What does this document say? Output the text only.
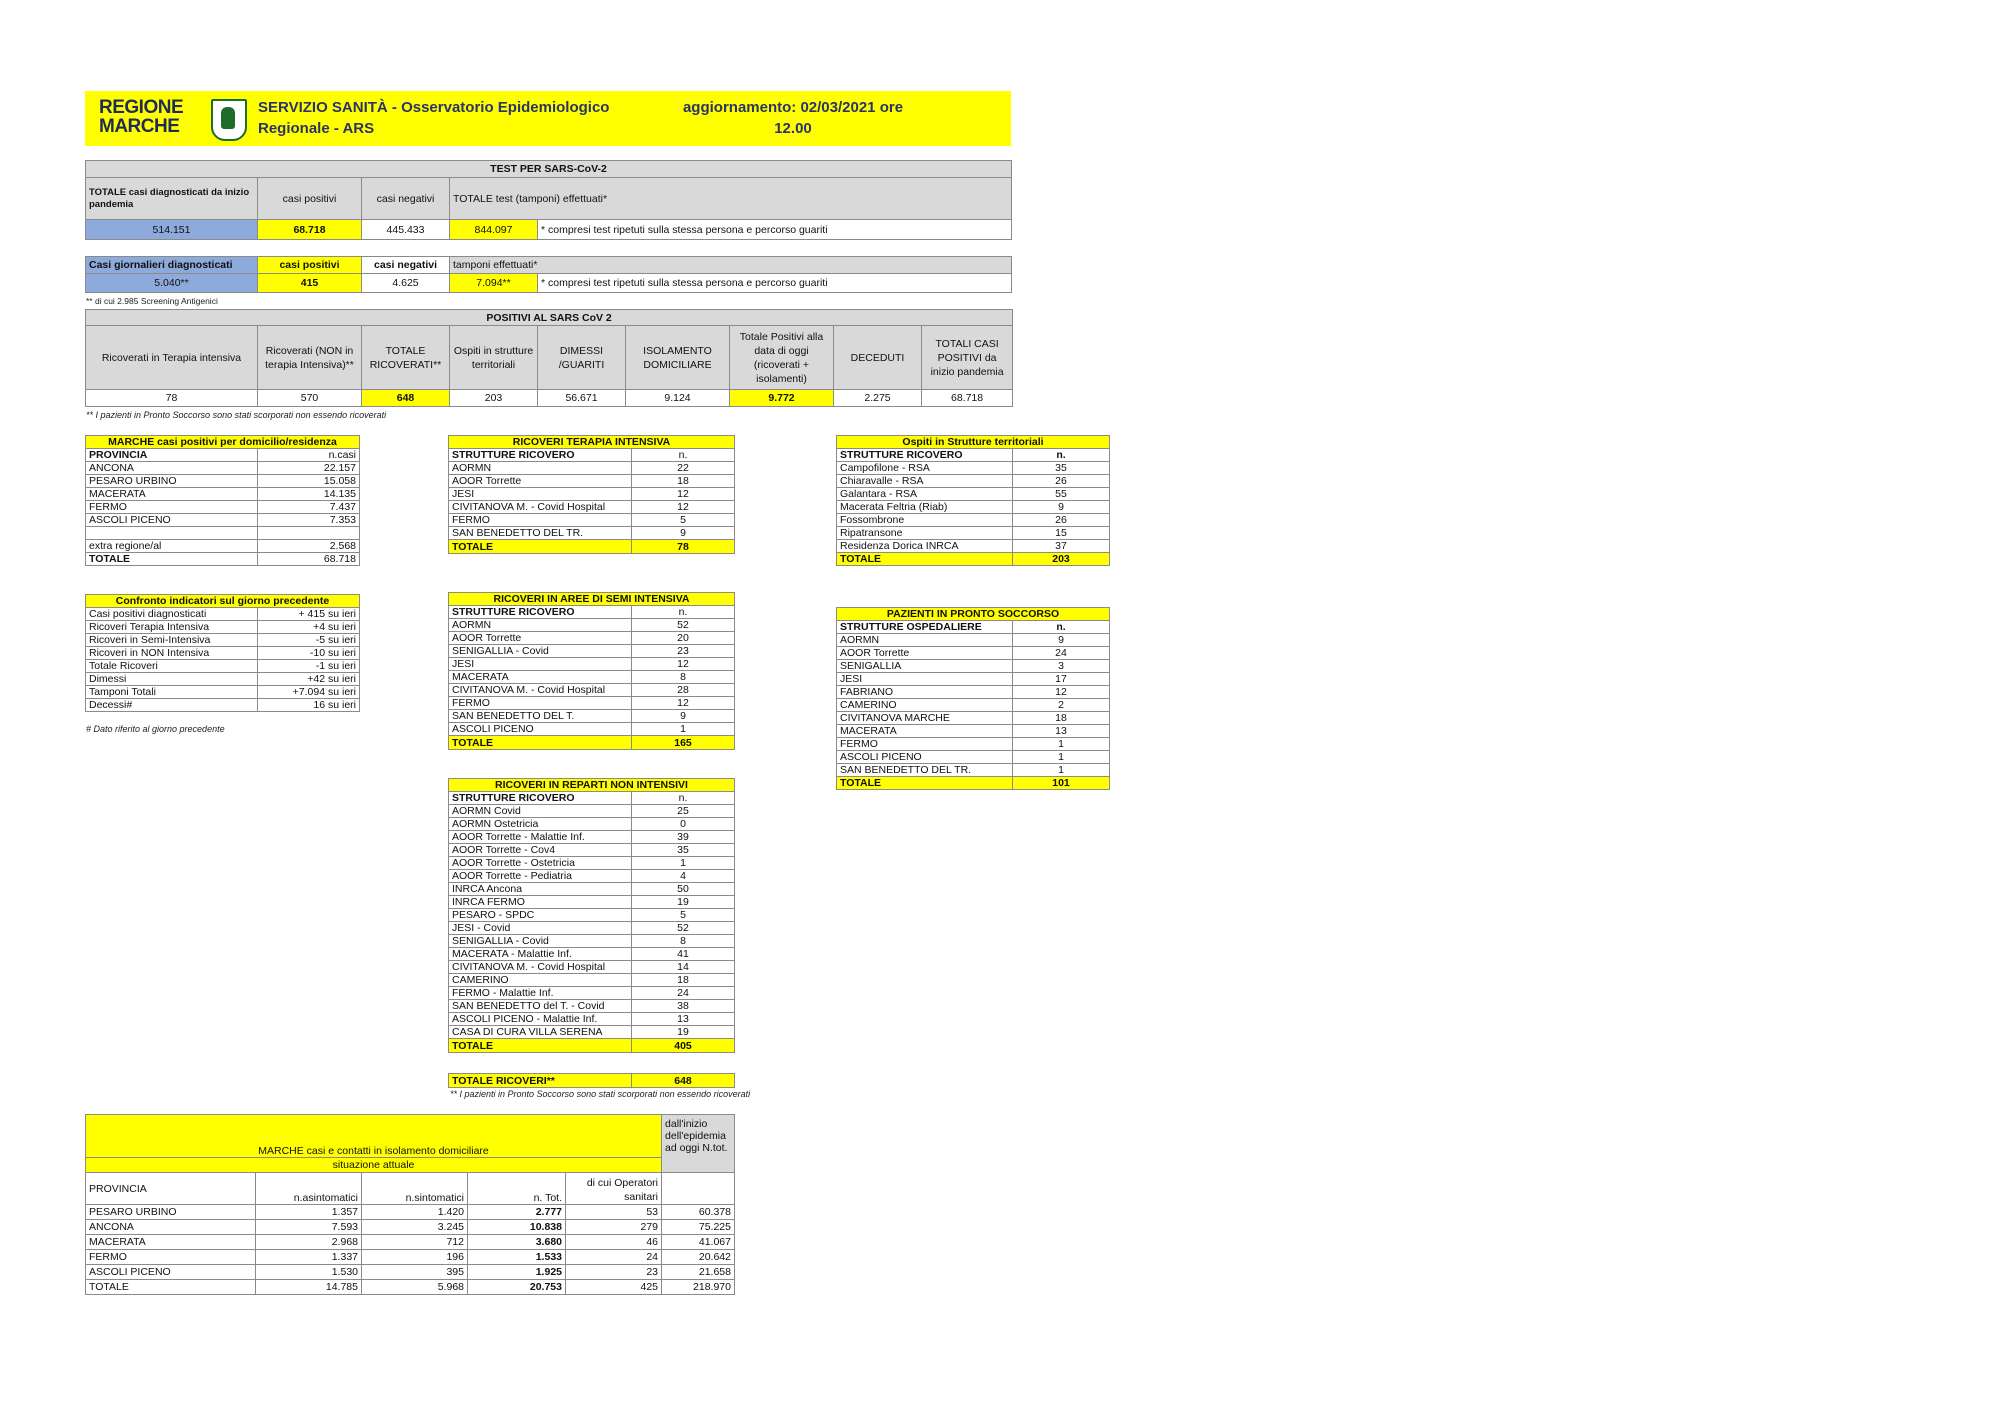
REGIONE
MARCHE
SERVIZIO SANITÀ - Osservatorio Epidemiologico
Regionale - ARS
aggiornamento: 02/03/2021 ore
12.00
TEST PER SARS-CoV-2				
TOTALE casi diagnosticati da inizio pandemia	casi positivi	casi negativi	TOTALE test (tamponi) effettuati*	
514.151	68.718	445.433	844.097	* compresi test ripetuti sulla stessa persona e percorso guariti
Casi giornalieri diagnosticati	casi positivi	casi negativi	tamponi effettuati*	
5.040**	415	4.625	7.094**	* compresi test ripetuti sulla stessa persona e percorso guariti
** di cui 2.985 Screening Antigenici
POSITIVI AL SARS CoV 2								
Ricoverati in Terapia intensiva	Ricoverati (NON in terapia Intensiva)**	TOTALE RICOVERATI**	Ospiti in strutture territoriali	DIMESSI /GUARITI	ISOLAMENTO DOMICILIARE	Totale Positivi alla data di oggi (ricoverati + isolamenti)	DECEDUTI	TOTALI CASI POSITIVI da inizio pandemia
78	570	648	203	56.671	9.124	9.772	2.275	68.718
** I pazienti in Pronto Soccorso sono stati scorporati non essendo ricoverati
MARCHE casi positivi per domicilio/residenza	
PROVINCIA	n.casi
ANCONA	22.157
PESARO URBINO	15.058
MACERATA	14.135
FERMO	7.437
ASCOLI PICENO	7.353

extra regione/al	2.568
TOTALE	68.718
Confronto indicatori sul giorno precedente	
Casi positivi diagnosticati	+ 415 su ieri
Ricoveri Terapia Intensiva	+4 su ieri
Ricoveri in Semi-Intensiva	-5 su ieri
Ricoveri in NON Intensiva	-10 su ieri
Totale Ricoveri	-1 su ieri
Dimessi	+42 su ieri
Tamponi Totali	+7.094 su ieri
Decessi#	16 su ieri
# Dato riferito al giorno precedente
RICOVERI TERAPIA INTENSIVA	
STRUTTURE RICOVERO	n.
AORMN	22
AOOR Torrette	18
JESI	12
CIVITANOVA M. - Covid Hospital	12
FERMO	5
SAN BENEDETTO DEL TR.	9
TOTALE	78
RICOVERI IN AREE DI SEMI INTENSIVA	
STRUTTURE RICOVERO	n.
AORMN	52
AOOR Torrette	20
SENIGALLIA - Covid	23
JESI	12
MACERATA	8
CIVITANOVA M. - Covid Hospital	28
FERMO	12
SAN BENEDETTO DEL T.	9
ASCOLI PICENO	1
TOTALE	165
RICOVERI IN REPARTI NON INTENSIVI	
STRUTTURE RICOVERO	n.
AORMN Covid	25
AORMN Ostetricia	0
AOOR Torrette - Malattie Inf.	39
AOOR Torrette - Cov4	35
AOOR Torrette - Ostetricia	1
AOOR Torrette - Pediatria	4
INRCA Ancona	50
INRCA FERMO	19
PESARO - SPDC	5
JESI - Covid	52
SENIGALLIA - Covid	8
MACERATA - Malattie Inf.	41
CIVITANOVA M. - Covid Hospital	14
CAMERINO	18
FERMO - Malattie Inf.	24
SAN BENEDETTO del T. - Covid	38
ASCOLI PICENO - Malattie Inf.	13
CASA DI CURA VILLA SERENA	19
TOTALE	405
TOTALE RICOVERI**	648
** I pazienti in Pronto Soccorso sono stati scorporati non essendo ricoverati
Ospiti in Strutture territoriali	
STRUTTURE RICOVERO	n.
Campofilone - RSA	35
Chiaravalle - RSA	26
Galantara - RSA	55
Macerata Feltria (Riab)	9
Fossombrone	26
Ripatransone	15
Residenza Dorica INRCA	37
TOTALE	203
PAZIENTI IN PRONTO SOCCORSO	
STRUTTURE OSPEDALIERE	n.
AORMN	9
AOOR Torrette	24
SENIGALLIA	3
JESI	17
FABRIANO	12
CAMERINO	2
CIVITANOVA MARCHE	18
MACERATA	13
FERMO	1
ASCOLI PICENO	1
SAN BENEDETTO DEL TR.	1
TOTALE	101
MARCHE casi e contatti in isolamento domiciliare					dall'inizio dell'epidemia ad oggi N.tot.
situazione attuale					
PROVINCIA	n.asintomatici	n.sintomatici	n. Tot.	di cui Operatori sanitari	
PESARO URBINO	1.357	1.420	2.777	53	60.378
ANCONA	7.593	3.245	10.838	279	75.225
MACERATA	2.968	712	3.680	46	41.067
FERMO	1.337	196	1.533	24	20.642
ASCOLI PICENO	1.530	395	1.925	23	21.658
TOTALE	14.785	5.968	20.753	425	218.970
